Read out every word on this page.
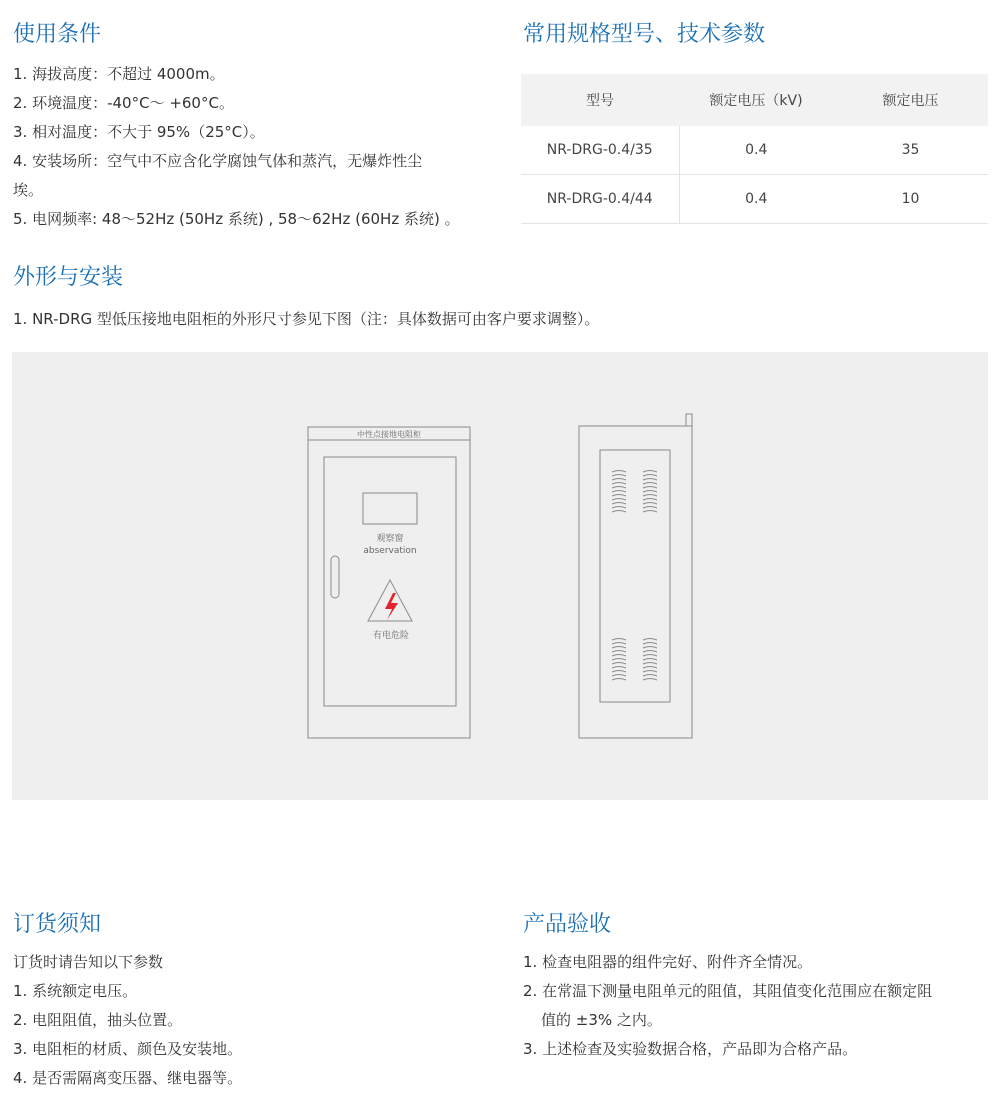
使用条件
1. 海拔高度：不超过 4000m。
2. 环境温度：-40°C～ +60°C。
3. 相对温度：不大于 95%（25°C）。
4. 安装场所：空气中不应含化学腐蚀气体和蒸汽，无爆炸性尘
埃。
5. 电网频率: 48～52Hz (50Hz 系统) , 58～62Hz (60Hz 系统) 。
常用规格型号、技术参数
型号	额定电压（kV)	额定电压
NR-DRG-0.4/35	0.4	35
NR-DRG-0.4/44	0.4	10
外形与安装
1. NR-DRG 型低压接地电阻柜的外形尺寸参见下图（注：具体数据可由客户要求调整）。
中性点接地电阻柜
观察窗
abservation
有电危险
订货须知
订货时请告知以下参数
1. 系统额定电压。
2. 电阻阻值，抽头位置。
3. 电阻柜的材质、颜色及安装地。
4. 是否需隔离变压器、继电器等。
产品验收
1. 检查电阻器的组件完好、附件齐全情况。
2. 在常温下测量电阻单元的阻值，其阻值变化范围应在额定阻
值的 ±3% 之内。
3. 上述检查及实验数据合格，产品即为合格产品。
